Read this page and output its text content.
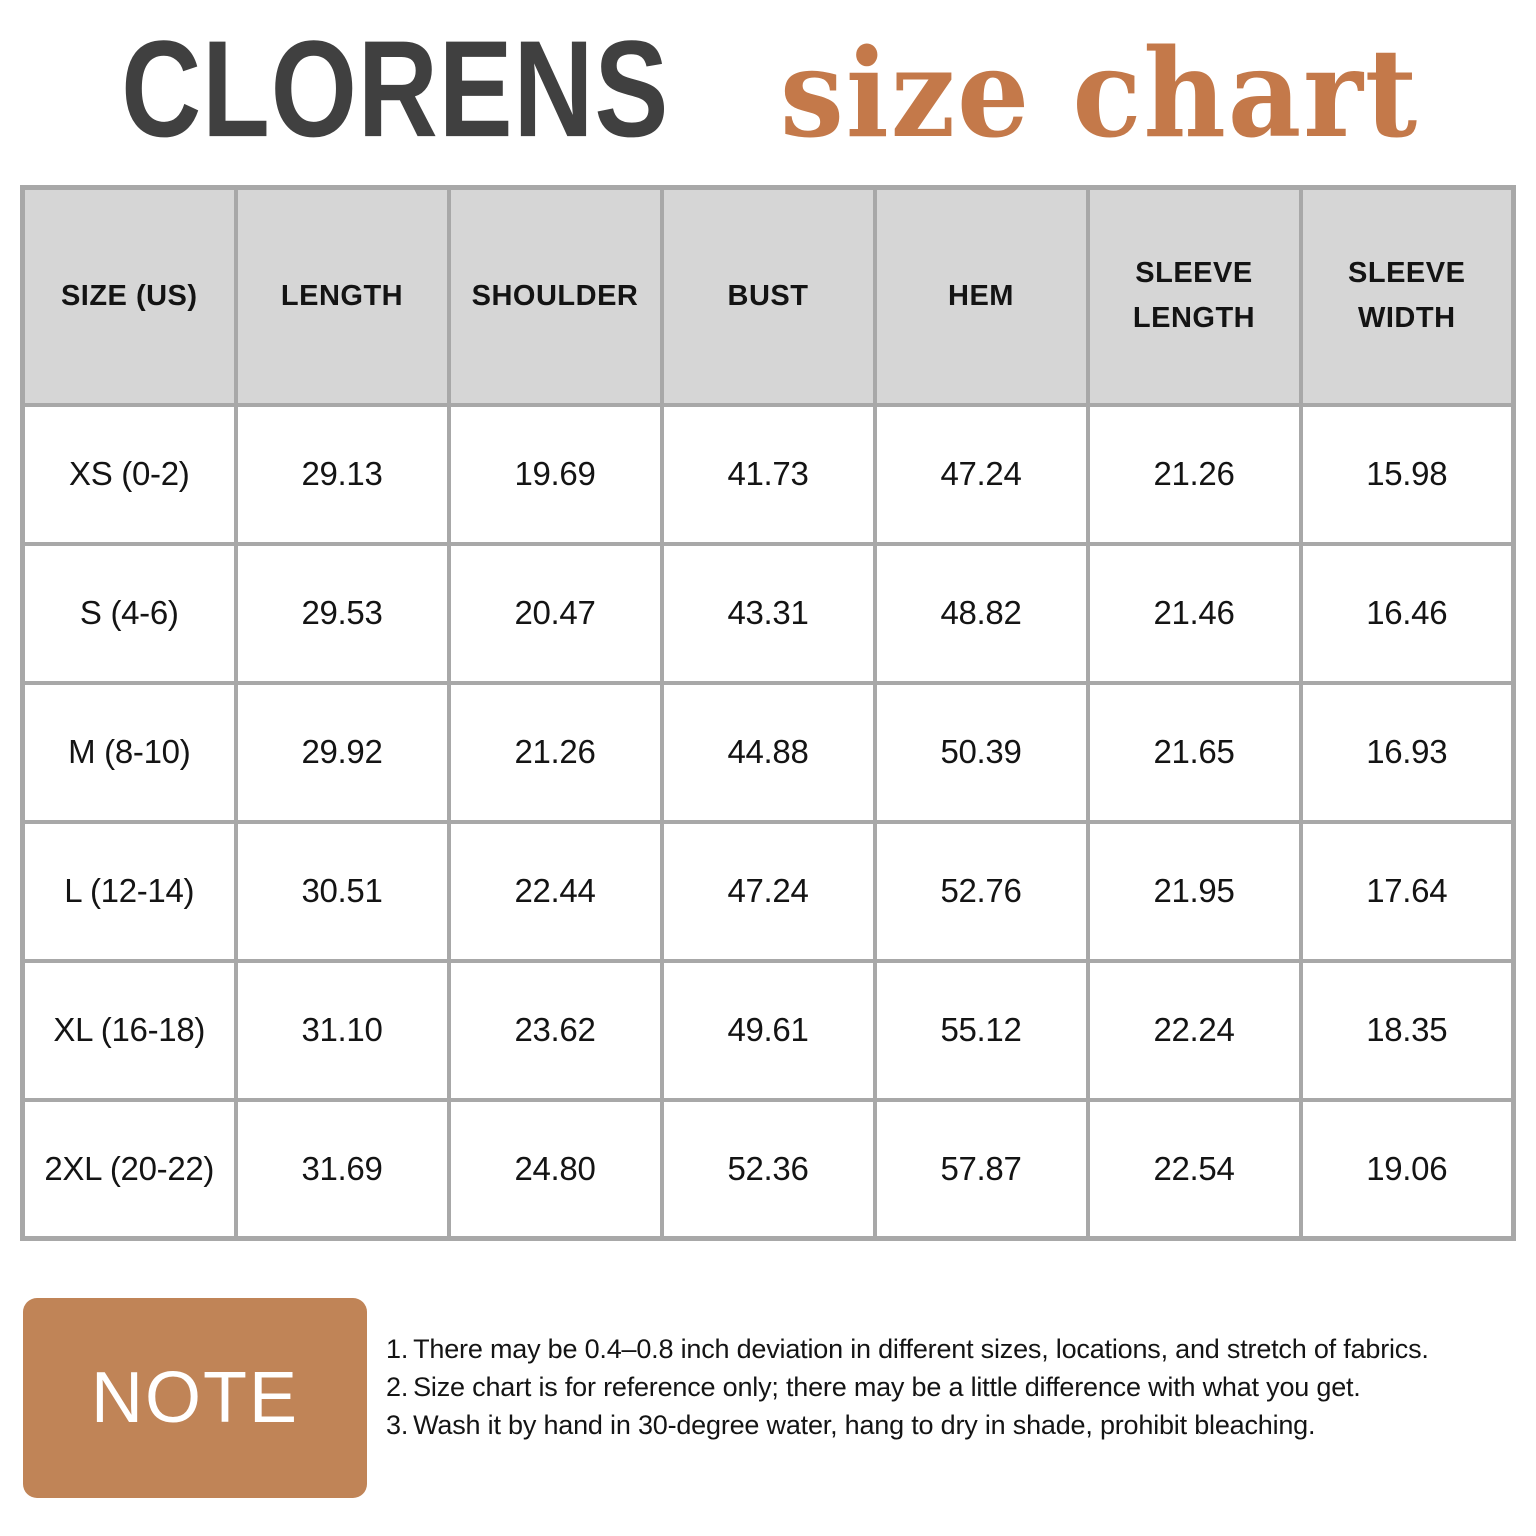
CLORENS size chart
SIZE (US)	LENGTH	SHOULDER	BUST	HEM	SLEEVE LENGTH	SLEEVE WIDTH
XS (0-2)	29.13	19.69	41.73	47.24	21.26	15.98
S (4-6)	29.53	20.47	43.31	48.82	21.46	16.46
M (8-10)	29.92	21.26	44.88	50.39	21.65	16.93
L (12-14)	30.51	22.44	47.24	52.76	21.95	17.64
XL (16-18)	31.10	23.62	49.61	55.12	22.24	18.35
2XL (20-22)	31.69	24.80	52.36	57.87	22.54	19.06
NOTE
1. There may be 0.4–0.8 inch deviation in different sizes, locations, and stretch of fabrics.
2. Size chart is for reference only; there may be a little difference with what you get.
3. Wash it by hand in 30-degree water, hang to dry in shade, prohibit bleaching.
